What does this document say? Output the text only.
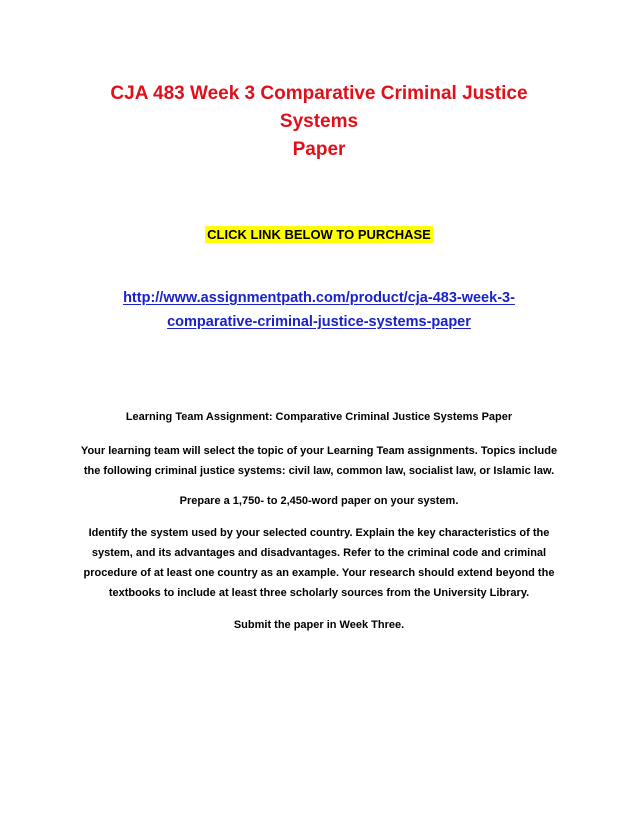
CJA 483 Week 3 Comparative Criminal Justice Systems
Paper
CLICK LINK BELOW TO PURCHASE
http://www.assignmentpath.com/product/cja-483-week-3-
comparative-criminal-justice-systems-paper

Learning Team Assignment: Comparative Criminal Justice Systems Paper

Your learning team will select the topic of your Learning Team assignments. Topics include
the following criminal justice systems: civil law, common law, socialist law, or Islamic law.

Prepare a 1,750- to 2,450-word paper on your system.

Identify the system used by your selected country. Explain the key characteristics of the
system, and its advantages and disadvantages. Refer to the criminal code and criminal
procedure of at least one country as an example. Your research should extend beyond the
textbooks to include at least three scholarly sources from the University Library.

Submit the paper in Week Three.
